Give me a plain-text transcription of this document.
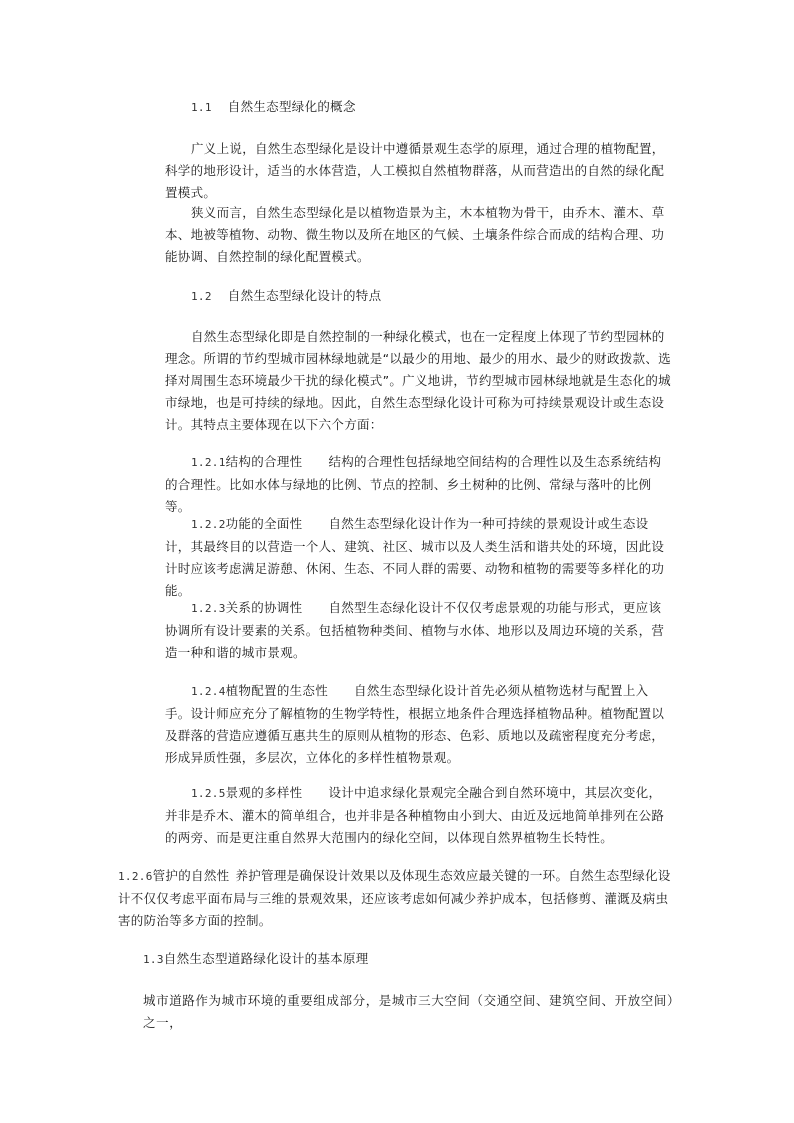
1.1 自然生态型绿化的概念

广义上说，自然生态型绿化是设计中遵循景观生态学的原理，通过合理的植物配置，科学的地形设计，适当的水体营造，人工模拟自然植物群落，从而营造出的自然的绿化配置模式。

狭义而言，自然生态型绿化是以植物造景为主，木本植物为骨干，由乔木、灌木、草本、地被等植物、动物、微生物以及所在地区的气候、土壤条件综合而成的结构合理、功能协调、自然控制的绿化配置模式。

1.2 自然生态型绿化设计的特点

自然生态型绿化即是自然控制的一种绿化模式，也在一定程度上体现了节约型园林的理念。所谓的节约型城市园林绿地就是“以最少的用地、最少的用水、最少的财政拨款、选择对周围生态环境最少干扰的绿化模式”。广义地讲，节约型城市园林绿地就是生态化的城市绿地，也是可持续的绿地。因此，自然生态型绿化设计可称为可持续景观设计或生态设计。其特点主要体现在以下六个方面：

1.2.1结构的合理性 结构的合理性包括绿地空间结构的合理性以及生态系统结构的合理性。比如水体与绿地的比例、节点的控制、乡土树种的比例、常绿与落叶的比例等。

1.2.2功能的全面性 自然生态型绿化设计作为一种可持续的景观设计或生态设计，其最终目的以营造一个人、建筑、社区、城市以及人类生活和谐共处的环境，因此设计时应该考虑满足游憩、休闲、生态、不同人群的需要、动物和植物的需要等多样化的功能。

1.2.3关系的协调性 自然型生态绿化设计不仅仅考虑景观的功能与形式，更应该协调所有设计要素的关系。包括植物种类间、植物与水体、地形以及周边环境的关系，营造一种和谐的城市景观。

1.2.4植物配置的生态性 自然生态型绿化设计首先必须从植物选材与配置上入手。设计师应充分了解植物的生物学特性，根据立地条件合理选择植物品种。植物配置以及群落的营造应遵循互惠共生的原则从植物的形态、色彩、质地以及疏密程度充分考虑，形成异质性强，多层次，立体化的多样性植物景观。

1.2.5景观的多样性 设计中追求绿化景观完全融合到自然环境中，其层次变化，并非是乔木、灌木的简单组合，也并非是各种植物由小到大、由近及远地简单排列在公路的两旁、而是更注重自然界大范围内的绿化空间，以体现自然界植物生长特性。

1.2.6管护的自然性 养护管理是确保设计效果以及体现生态效应最关键的一环。自然生态型绿化设计不仅仅考虑平面布局与三维的景观效果，还应该考虑如何减少养护成本，包括修剪、灌溉及病虫害的防治等多方面的控制。

1.3自然生态型道路绿化设计的基本原理

城市道路作为城市环境的重要组成部分，是城市三大空间（交通空间、建筑空间、开放空间）之一，
